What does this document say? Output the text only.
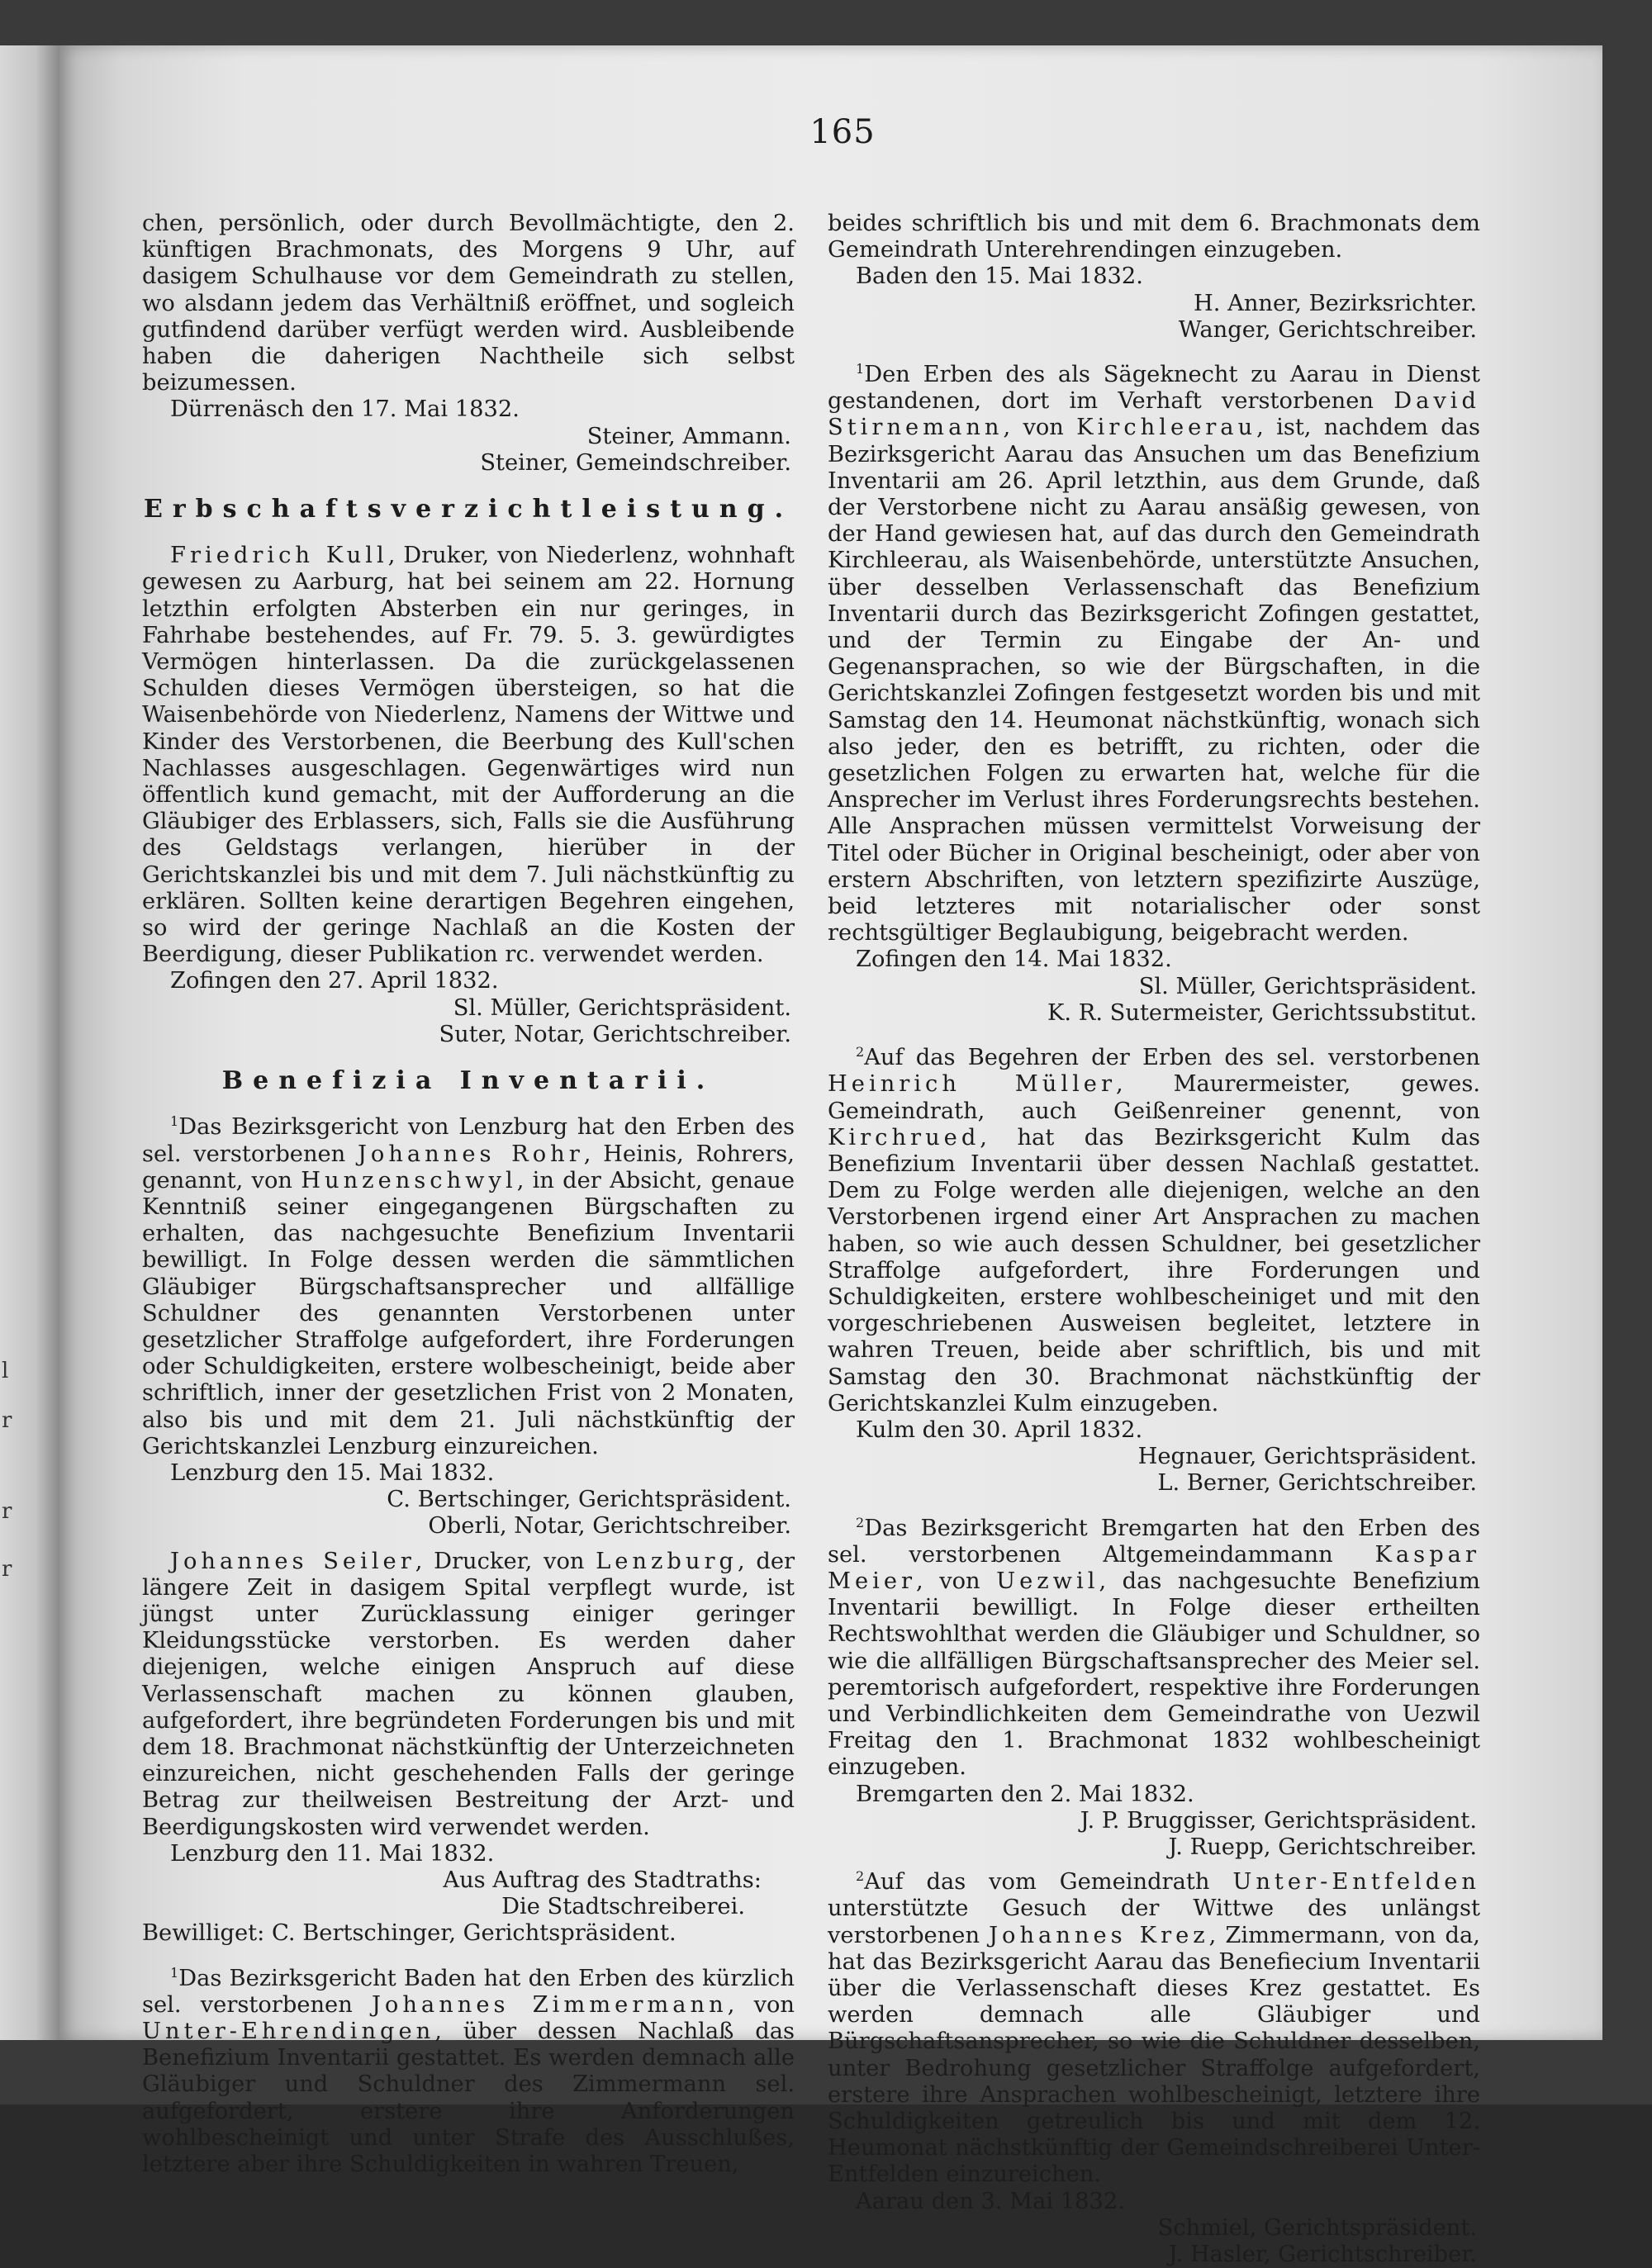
l
r
r
r
165

chen, persönlich, oder durch Bevollmächtigte, den 2. künftigen Brachmonats, des Morgens 9 Uhr, auf dasigem Schulhause vor dem Gemeindrath zu stellen, wo alsdann jedem das Verhältniß eröffnet, und sogleich gutfindend darüber verfügt werden wird. Ausbleibende haben die daherigen Nachtheile sich selbst beizumessen.

Dürrenäsch den 17. Mai 1832.

Steiner, Ammann.

Steiner, Gemeindschreiber.

Erbschaftsverzichtleistung.

Friedrich Kull, Druker, von Niederlenz, wohnhaft gewesen zu Aarburg, hat bei seinem am 22. Hornung letzthin erfolgten Absterben ein nur geringes, in Fahrhabe bestehendes, auf Fr. 79. 5. 3. gewürdigtes Vermögen hinterlassen. Da die zurückgelassenen Schulden dieses Vermögen übersteigen, so hat die Waisenbehörde von Niederlenz, Namens der Wittwe und Kinder des Verstorbenen, die Beerbung des Kull'schen Nachlasses ausgeschlagen. Gegenwärtiges wird nun öffentlich kund gemacht, mit der Aufforderung an die Gläubiger des Erblassers, sich, Falls sie die Ausführung des Geldstags verlangen, hierüber in der Gerichtskanzlei bis und mit dem 7. Juli nächstkünftig zu erklären. Sollten keine derartigen Begehren eingehen, so wird der geringe Nachlaß an die Kosten der Beerdigung, dieser Publikation rc. verwendet werden.

Zofingen den 27. April 1832.

Sl. Müller, Gerichtspräsident.

Suter, Notar, Gerichtschreiber.

Benefizia Inventarii.

$^1$Das Bezirksgericht von Lenzburg hat den Erben des sel. verstorbenen Johannes Rohr, Heinis, Rohrers, genannt, von Hunzenschwyl, in der Absicht, genaue Kenntniß seiner eingegangenen Bürgschaften zu erhalten, das nachgesuchte Benefizium Inventarii bewilligt. In Folge dessen werden die sämmtlichen Gläubiger Bürgschaftsansprecher und allfällige Schuldner des genannten Verstorbenen unter gesetzlicher Straffolge aufgefordert, ihre Forderungen oder Schuldigkeiten, erstere wolbescheinigt, beide aber schriftlich, inner der gesetzlichen Frist von 2 Monaten, also bis und mit dem 21. Juli nächstkünftig der Gerichtskanzlei Lenzburg einzureichen.

Lenzburg den 15. Mai 1832.

C. Bertschinger, Gerichtspräsident.

Oberli, Notar, Gerichtschreiber.

Johannes Seiler, Drucker, von Lenzburg, der längere Zeit in dasigem Spital verpflegt wurde, ist jüngst unter Zurücklassung einiger geringer Kleidungsstücke verstorben. Es werden daher diejenigen, welche einigen Anspruch auf diese Verlassenschaft machen zu können glauben, aufgefordert, ihre begründeten Forderungen bis und mit dem 18. Brachmonat nächstkünftig der Unterzeichneten einzureichen, nicht geschehenden Falls der geringe Betrag zur theilweisen Bestreitung der Arzt- und Beerdigungskosten wird verwendet werden.

Lenzburg den 11. Mai 1832.

Aus Auftrag des Stadtraths:

Die Stadtschreiberei.

Bewilliget: C. Bertschinger, Gerichtspräsident.

$^1$Das Bezirksgericht Baden hat den Erben des kürzlich sel. verstorbenen Johannes Zimmermann, von Unter-Ehrendingen, über dessen Nachlaß das Benefizium Inventarii gestattet. Es werden demnach alle Gläubiger und Schuldner des Zimmermann sel. aufgefordert, erstere ihre Anforderungen wohlbescheinigt und unter Strafe des Ausschlußes, letztere aber ihre Schuldigkeiten in wahren Treuen,

beides schriftlich bis und mit dem 6. Brachmonats dem Gemeindrath Unterehrendingen einzugeben.

Baden den 15. Mai 1832.

H. Anner, Bezirksrichter.

Wanger, Gerichtschreiber.

$^1$Den Erben des als Sägeknecht zu Aarau in Dienst gestandenen, dort im Verhaft verstorbenen David Stirnemann, von Kirchleerau, ist, nachdem das Bezirksgericht Aarau das Ansuchen um das Benefizium Inventarii am 26. April letzthin, aus dem Grunde, daß der Verstorbene nicht zu Aarau ansäßig gewesen, von der Hand gewiesen hat, auf das durch den Gemeindrath Kirchleerau, als Waisenbehörde, unterstützte Ansuchen, über desselben Verlassenschaft das Benefizium Inventarii durch das Bezirksgericht Zofingen gestattet, und der Termin zu Eingabe der An- und Gegenansprachen, so wie der Bürgschaften, in die Gerichtskanzlei Zofingen festgesetzt worden bis und mit Samstag den 14. Heumonat nächstkünftig, wonach sich also jeder, den es betrifft, zu richten, oder die gesetzlichen Folgen zu erwarten hat, welche für die Ansprecher im Verlust ihres Forderungsrechts bestehen. Alle Ansprachen müssen vermittelst Vorweisung der Titel oder Bücher in Original bescheinigt, oder aber von erstern Abschriften, von letztern spezifizirte Auszüge, beid letzteres mit notarialischer oder sonst rechtsgültiger Beglaubigung, beigebracht werden.

Zofingen den 14. Mai 1832.

Sl. Müller, Gerichtspräsident.

K. R. Sutermeister, Gerichtssubstitut.

$^2$Auf das Begehren der Erben des sel. verstorbenen Heinrich Müller, Maurermeister, gewes. Gemeindrath, auch Geißenreiner genennt, von Kirchrued, hat das Bezirksgericht Kulm das Benefizium Inventarii über dessen Nachlaß gestattet. Dem zu Folge werden alle diejenigen, welche an den Verstorbenen irgend einer Art Ansprachen zu machen haben, so wie auch dessen Schuldner, bei gesetzlicher Straffolge aufgefordert, ihre Forderungen und Schuldigkeiten, erstere wohlbescheiniget und mit den vorgeschriebenen Ausweisen begleitet, letztere in wahren Treuen, beide aber schriftlich, bis und mit Samstag den 30. Brachmonat nächstkünftig der Gerichtskanzlei Kulm einzugeben.

Kulm den 30. April 1832.

Hegnauer, Gerichtspräsident.

L. Berner, Gerichtschreiber.

$^2$Das Bezirksgericht Bremgarten hat den Erben des sel. verstorbenen Altgemeindammann Kaspar Meier, von Uezwil, das nachgesuchte Benefizium Inventarii bewilligt. In Folge dieser ertheilten Rechtswohlthat werden die Gläubiger und Schuldner, so wie die allfälligen Bürgschaftsansprecher des Meier sel. peremtorisch aufgefordert, respektive ihre Forderungen und Verbindlichkeiten dem Gemeindrathe von Uezwil Freitag den 1. Brachmonat 1832 wohlbescheinigt einzugeben.

Bremgarten den 2. Mai 1832.

J. P. Bruggisser, Gerichtspräsident.

J. Ruepp, Gerichtschreiber.

$^2$Auf das vom Gemeindrath Unter-Entfelden unterstützte Gesuch der Wittwe des unlängst verstorbenen Johannes Krez, Zimmermann, von da, hat das Bezirksgericht Aarau das Benefiecium Inventarii über die Verlassenschaft dieses Krez gestattet. Es werden demnach alle Gläubiger und Bürgschaftsansprecher, so wie die Schuldner desselben, unter Bedrohung gesetzlicher Straffolge aufgefordert, erstere ihre Ansprachen wohlbescheinigt, letztere ihre Schuldigkeiten getreulich bis und mit dem 12. Heumonat nächstkünftig der Gemeindschreiberei Unter-Entfelden einzureichen.

Aarau den 3. Mai 1832.

Schmiel, Gerichtspräsident.

J. Hasler, Gerichtschreiber.
